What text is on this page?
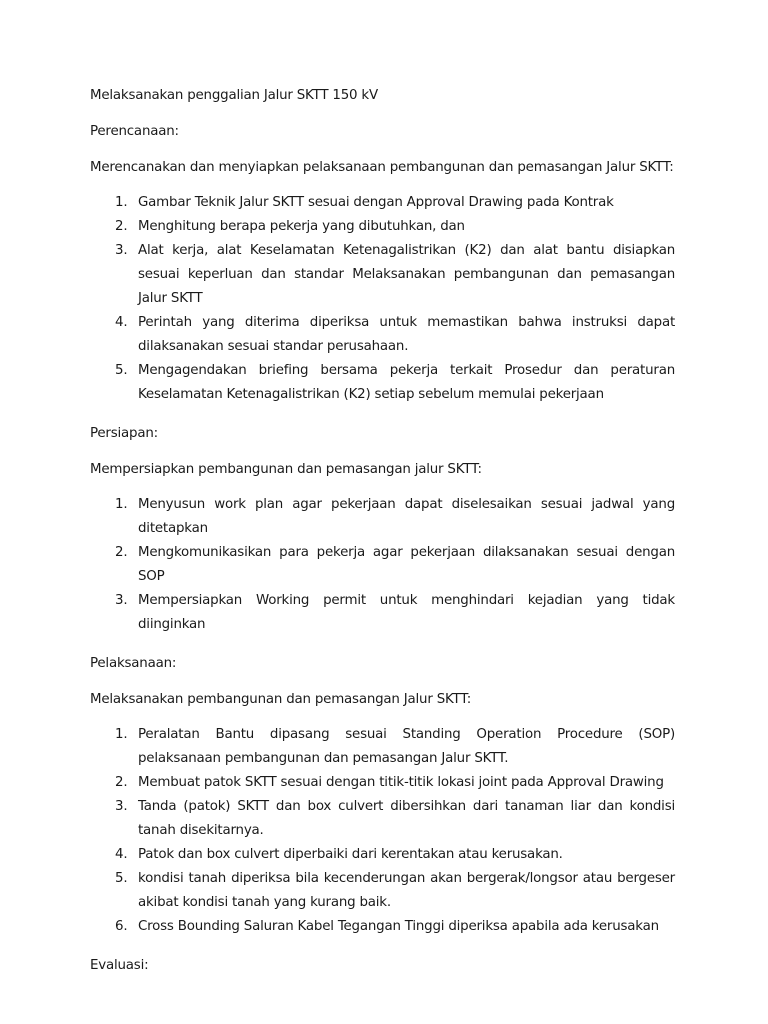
Melaksanakan penggalian Jalur SKTT 150 kV

Perencanaan:

Merencanakan dan menyiapkan pelaksanaan pembangunan dan pemasangan Jalur SKTT:

1. Gambar Teknik Jalur SKTT sesuai dengan Approval Drawing pada Kontrak
2. Menghitung berapa pekerja yang dibutuhkan, dan
3. Alat kerja, alat Keselamatan Ketenagalistrikan (K2) dan alat bantu disiapkan sesuai keperluan dan standar Melaksanakan pembangunan dan pemasangan Jalur SKTT
4. Perintah yang diterima diperiksa untuk memastikan bahwa instruksi dapat dilaksanakan sesuai standar perusahaan.
5. Mengagendakan briefing bersama pekerja terkait Prosedur dan peraturan Keselamatan Ketenagalistrikan (K2) setiap sebelum memulai pekerjaan

Persiapan:

Mempersiapkan pembangunan dan pemasangan jalur SKTT:

1. Menyusun work plan agar pekerjaan dapat diselesaikan sesuai jadwal yang ditetapkan
2. Mengkomunikasikan para pekerja agar pekerjaan dilaksanakan sesuai dengan SOP
3. Mempersiapkan Working permit untuk menghindari kejadian yang tidak diinginkan

Pelaksanaan:

Melaksanakan pembangunan dan pemasangan Jalur SKTT:

1. Peralatan Bantu dipasang sesuai Standing Operation Procedure (SOP) pelaksanaan pembangunan dan pemasangan Jalur SKTT.
2. Membuat patok SKTT sesuai dengan titik-titik lokasi joint pada Approval Drawing
3. Tanda (patok) SKTT dan box culvert dibersihkan dari tanaman liar dan kondisi tanah disekitarnya.
4. Patok dan box culvert diperbaiki dari kerentakan atau kerusakan.
5. kondisi tanah diperiksa bila kecenderungan akan bergerak/longsor atau bergeser akibat kondisi tanah yang kurang baik.
6. Cross Bounding Saluran Kabel Tegangan Tinggi diperiksa apabila ada kerusakan

Evaluasi:
